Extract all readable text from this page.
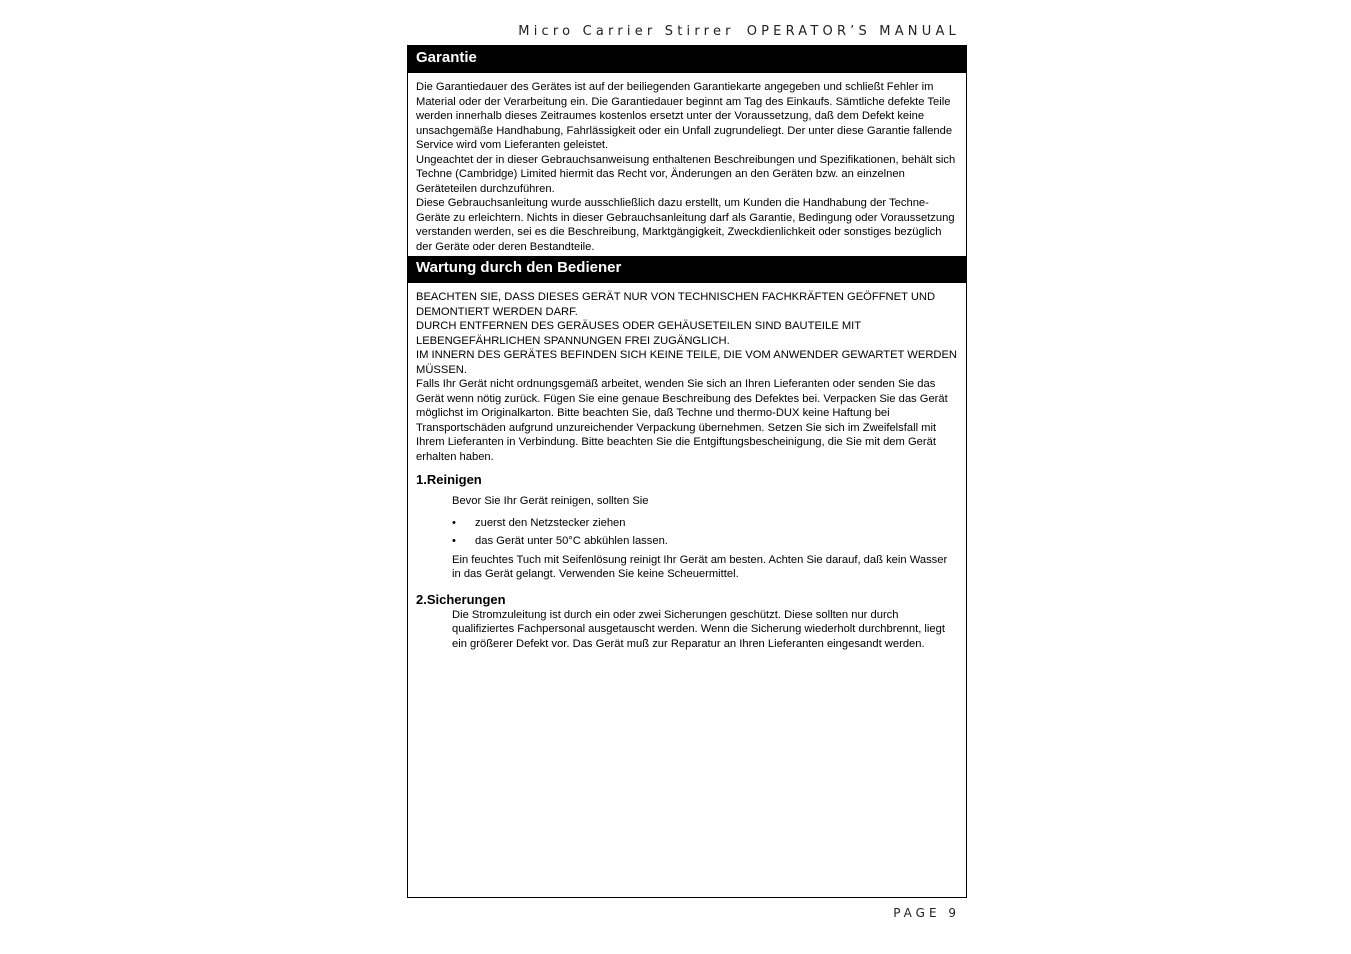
Micro Carrier Stirrer OPERATOR’S MANUAL
Garantie

Die Garantiedauer des Gerätes ist auf der beiliegenden Garantiekarte angegeben und schließt Fehler im Material oder der Verarbeitung ein. Die Garantiedauer beginnt am Tag des Einkaufs. Sämtliche defekte Teile werden innerhalb dieses Zeitraumes kostenlos ersetzt unter der Voraussetzung, daß dem Defekt keine unsachgemäße Handhabung, Fahrlässigkeit oder ein Unfall zugrundeliegt. Der unter diese Garantie fallende Service wird vom Lieferanten geleistet.

Ungeachtet der in dieser Gebrauchsanweisung enthaltenen Beschreibungen und Spezifikationen, behält sich Techne (Cambridge) Limited hiermit das Recht vor, Änderungen an den Geräten bzw. an einzelnen Geräteteilen durchzuführen.

Diese Gebrauchsanleitung wurde ausschließlich dazu erstellt, um Kunden die Handhabung der Techne-Geräte zu erleichtern. Nichts in dieser Gebrauchsanleitung darf als Garantie, Bedingung oder Voraussetzung verstanden werden, sei es die Beschreibung, Marktgängigkeit, Zweckdienlichkeit oder sonstiges bezüglich der Geräte oder deren Bestandteile.

Wartung durch den Bediener

BEACHTEN SIE, DASS DIESES GERÄT NUR VON TECHNISCHEN FACHKRÄFTEN GEÖFFNET UND DEMONTIERT WERDEN DARF.

DURCH ENTFERNEN DES GERÄUSES ODER GEHÄUSETEILEN SIND BAUTEILE MIT LEBENGEFÄHRLICHEN SPANNUNGEN FREI ZUGÄNGLICH.

IM INNERN DES GERÄTES BEFINDEN SICH KEINE TEILE, DIE VOM ANWENDER GEWARTET WERDEN MÜSSEN.

Falls Ihr Gerät nicht ordnungsgemäß arbeitet, wenden Sie sich an Ihren Lieferanten oder senden Sie das Gerät wenn nötig zurück. Fügen Sie eine genaue Beschreibung des Defektes bei. Verpacken Sie das Gerät möglichst im Originalkarton. Bitte beachten Sie, daß Techne und thermo-DUX keine Haftung bei Transportschäden aufgrund unzureichender Verpackung übernehmen. Setzen Sie sich im Zweifelsfall mit Ihrem Lieferanten in Verbindung. Bitte beachten Sie die Entgiftungsbescheinigung, die Sie mit dem Gerät erhalten haben.

1.Reinigen

Bevor Sie Ihr Gerät reinigen, sollten Sie

• zuerst den Netzstecker ziehen
• das Gerät unter 50°C abkühlen lassen.

Ein feuchtes Tuch mit Seifenlösung reinigt Ihr Gerät am besten. Achten Sie darauf, daß kein Wasser in das Gerät gelangt. Verwenden Sie keine Scheuermittel.

2.Sicherungen

Die Stromzuleitung ist durch ein oder zwei Sicherungen geschützt. Diese sollten nur durch qualifiziertes Fachpersonal ausgetauscht werden. Wenn die Sicherung wiederholt durchbrennt, liegt ein größerer Defekt vor. Das Gerät muß zur Reparatur an Ihren Lieferanten eingesandt werden.

PAGE 9
